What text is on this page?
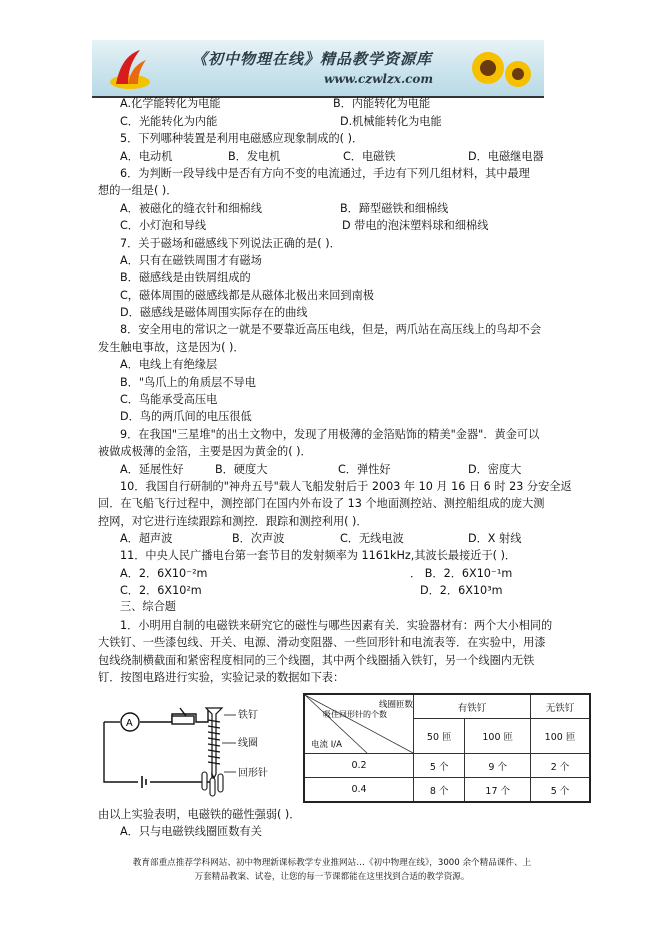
《初中物理在线》精品教学资源库
www.czwlzx.com
A.化学能转化为电能	B．内能转化为电能
C．光能转化为内能	D.机械能转化为电能
5．下列哪种装置是利用电磁感应现象制成的( )．
A．电动机	B．发电机	C．电磁铁	D．电磁继电器
6．为判断一段导线中是否有方向不变的电流通过，手边有下列几组材料，其中最理
想的一组是( )．
A．被磁化的缝衣针和细棉线	B．蹄型磁铁和细棉线
C．小灯泡和导线	D 带电的泡沫塑料球和细棉线
7．关于磁场和磁感线下列说法正确的是( )．
A．只有在磁铁周围才有磁场
B．磁感线是由铁屑组成的
C，磁体周围的磁感线都是从磁体北极出来回到南极
D．磁感线是磁体周围实际存在的曲线
8．安全用电的常识之一就是不要靠近高压电线，但是，两爪站在高压线上的鸟却不会
发生触电事故，这是因为( )．
A．电线上有绝缘层
B．"鸟爪上的角质层不导电
C．鸟能承受高压电
D．鸟的两爪间的电压很低
9．在我国"三星堆"的出土文物中，发现了用极薄的金箔贴饰的精美"金器"．黄金可以
被做成极薄的金箔，主要是因为黄金的( )．
A．延展性好	B．硬度大	C．弹性好	D．密度大
10．我国自行研制的"神舟五号"载人飞船发射后于 2003 年 10 月 16 日 6 时 23 分安全返
回．在飞船飞行过程中，测控部门在国内外布设了 13 个地面测控站、测控船组成的庞大测
控网，对它进行连续跟踪和测控．跟踪和测控利用( )．
A．超声波	B．次声波	C．无线电波	D．X 射线
11．中央人民广播电台第一套节目的发射频率为 1161kHz,其波长最接近于( )．
A．2．6X10⁻²m	． B．2．6X10⁻¹m
C．2．6X10²m	D．2．6X10³m
三、综合题
1．小明用自制的电磁铁来研究它的磁性与哪些因素有关．实验器材有：两个大小相同的
大铁钉、一些漆包线、开关、电源、滑动变阻器、一些回形针和电流表等．在实验中，用漆
包线绕制横截面和紧密程度相同的三个线圈，其中两个线圈插入铁钉，另一个线圈内无铁
钉．按图电路进行实验，实验记录的数据如下表：
由以上实验表明，电磁铁的磁性强弱( )．
A．只与电磁铁线圈匝数有关
A
铁钉
线圈
回形针
线圈匝数
吸住回形针的个数
电流 I/A	有铁钉		无铁钉
	50 匝	100 匝	100 匝
0.2	5 个	9 个	2 个
0.4	8 个	17 个	5 个
教育部重点推荐学科网站、初中物理新课标教学专业推网站…《初中物理在线》，3000 余个精品课件、上
万套精品教案、试卷，让您的每一节课都能在这里找到合适的教学资源。
